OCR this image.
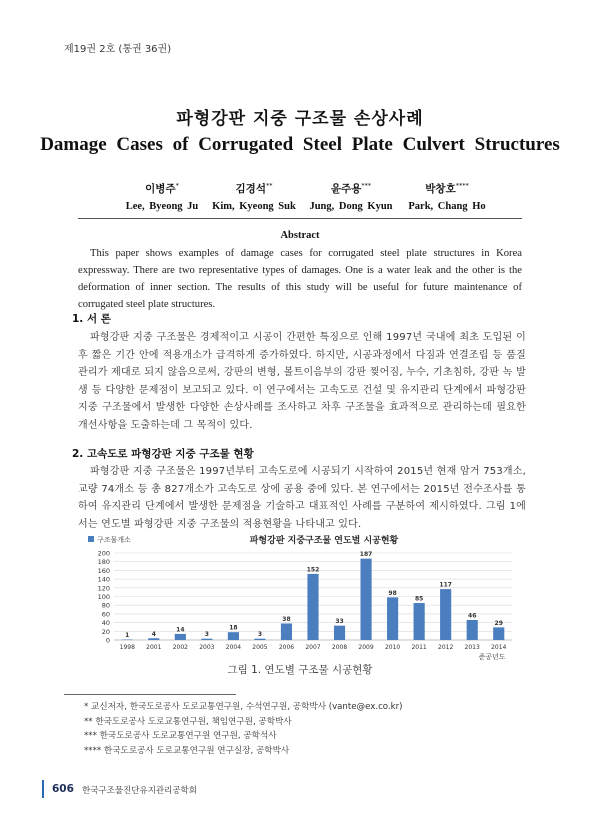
제19권 2호 (통권 36권)
파형강판 지중 구조물 손상사례
Damage Cases of Corrugated Steel Plate Culvert Structures
이병주*
Lee, Byeong Ju
김경석**
Kim, Kyeong Suk
윤주용***
Jung, Dong Kyun
박창호****
Park, Chang Ho
Abstract
This paper shows examples of damage cases for corrugated steel plate structures in Korea expressway. There are two representative types of damages. One is a water leak and the other is the deformation of inner section. The results of this study will be useful for future maintenance of corrugated steel plate structures.
1. 서 론
파형강판 지중 구조물은 경제적이고 시공이 간편한 특징으로 인해 1997년 국내에 최초 도입된 이후 짧은 기간 안에 적용개소가 급격하게 증가하였다. 하지만, 시공과정에서 다짐과 연결조립 등 품질관리가 제대로 되지 않음으로써, 강판의 변형, 볼트이음부의 강판 찢어짐, 누수, 기초침하, 강판 녹 발생 등 다양한 문제점이 보고되고 있다. 이 연구에서는 고속도로 건설 및 유지관리 단계에서 파형강판 지중 구조물에서 발생한 다양한 손상사례를 조사하고 차후 구조물을 효과적으로 관리하는데 필요한 개선사항을 도출하는데 그 목적이 있다.
2. 고속도로 파형강판 지중 구조물 현황
파형강판 지중 구조물은 1997년부터 고속도로에 시공되기 시작하여 2015년 현재 암거 753개소, 교량 74개소 등 총 827개소가 고속도로 상에 공용 중에 있다. 본 연구에서는 2015년 전수조사를 통하여 유지관리 단계에서 발생한 문제점을 기술하고 대표적인 사례를 구분하여 제시하였다. 그림 1에서는 연도별 파형강판 지중 구조물의 적용현황을 나타내고 있다.
구조물개소	파형강판 지중구조물 연도별 시공현황
준공년도
0
20
40
60
80
100
120
140
160
180
200
1	4
14
3
18
3
38
152
33
187
98
85
117
46
29
1998 2001 2002 2003 2004 2005 2006 2007 2008 2009 2010 2011 2012 2013 2014
그림 1. 연도별 구조물 시공현황
* 교신저자, 한국도로공사 도로교통연구원, 수석연구원, 공학박사 (vante@ex.co.kr)
** 한국도로공사 도로교통연구원, 책임연구원, 공학박사
*** 한국도로공사 도로교통연구원 연구원, 공학석사
**** 한국도로공사 도로교통연구원 연구실장, 공학박사
606 한국구조물진단유지관리공학회
